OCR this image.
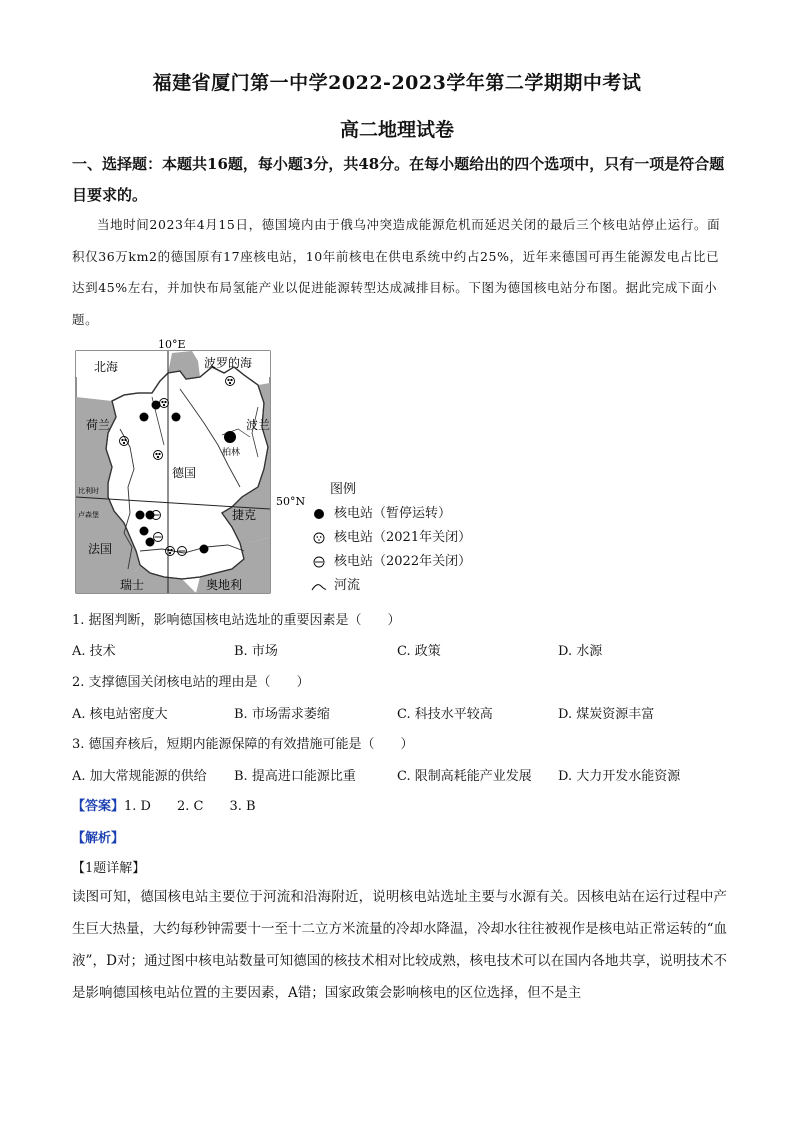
福建省厦门第一中学2022-2023学年第二学期期中考试
高二地理试卷
一、选择题：本题共16题，每小题3分，共48分。在每小题给出的四个选项中，只有一项是符合题目要求的。
当地时间2023年4月15日，德国境内由于俄乌冲突造成能源危机而延迟关闭的最后三个核电站停止运行。面积仅36万km2的德国原有17座核电站，10年前核电在供电系统中约占25%，近年来德国可再生能源发电占比已达到45%左右，并加快布局氢能产业以促进能源转型达成减排目标。下图为德国核电站分布图。据此完成下面小题。
10°E
50°N
北海	波罗的海
荷兰	波兰
柏林
德国
比利时
卢森堡	捷克
法国
瑞士	奥地利
图例
核电站（暂停运转）
核电站（2021年关闭）
核电站（2022年关闭）
河流
1. 据图判断，影响德国核电站选址的重要因素是（　　）
A. 技术	B. 市场	C. 政策	D. 水源
2. 支撑德国关闭核电站的理由是（　　）
A. 核电站密度大	B. 市场需求萎缩	C. 科技水平较高	D. 煤炭资源丰富
3. 德国弃核后，短期内能源保障的有效措施可能是（　　）
A. 加大常规能源的供给 B. 提高进口能源比重	C. 限制高耗能产业发展 D. 大力开发水能资源
【答案】1. D　　2. C　　3. B
【解析】
【1题详解】
读图可知，德国核电站主要位于河流和沿海附近，说明核电站选址主要与水源有关。因核电站在运行过程中产生巨大热量，大约每秒钟需要十一至十二立方米流量的冷却水降温，冷却水往往被视作是核电站正常运转的“血液”，D对；通过图中核电站数量可知德国的核技术相对比较成熟，核电技术可以在国内各地共享，说明技术不是影响德国核电站位置的主要因素，A错；国家政策会影响核电的区位选择，但不是主
